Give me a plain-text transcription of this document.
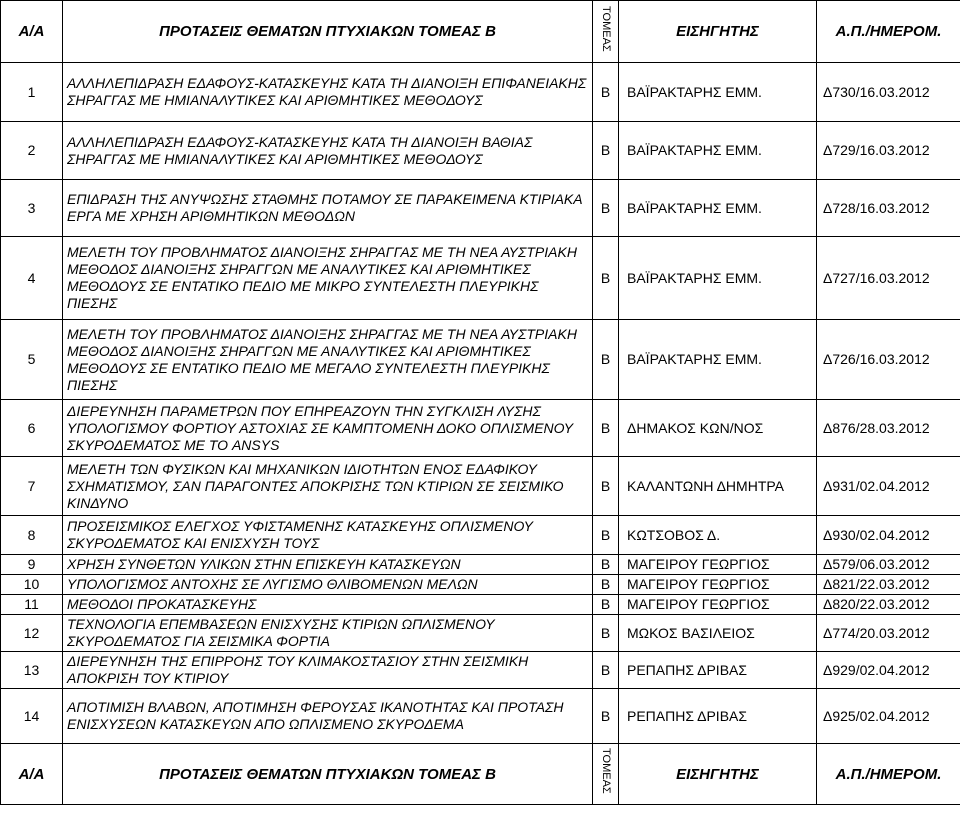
Α/Α	ΠΡΟΤΑΣΕΙΣ ΘΕΜΑΤΩΝ ΠΤΥΧΙΑΚΩΝ ΤΟΜΕΑΣ Β	ΤΟΜΕΑΣ	ΕΙΣΗΓΗΤΗΣ	Α.Π./ΗΜΕΡΟΜ.
1	ΑΛΛΗΛΕΠΙΔΡΑΣΗ ΕΔΑΦΟΥΣ-ΚΑΤΑΣΚΕΥΗΣ ΚΑΤΑ ΤΗ ΔΙΑΝΟΙΞΗ ΕΠΙΦΑΝΕΙΑΚΗΣ ΣΗΡΑΓΓΑΣ ΜΕ ΗΜΙΑΝΑΛΥΤΙΚΕΣ ΚΑΙ ΑΡΙΘΜΗΤΙΚΕΣ ΜΕΘΟΔΟΥΣ	Β	ΒΑΪΡΑΚΤΑΡΗΣ ΕΜΜ.	Δ730/16.03.2012
2	ΑΛΛΗΛΕΠΙΔΡΑΣΗ ΕΔΑΦΟΥΣ-ΚΑΤΑΣΚΕΥΗΣ ΚΑΤΑ ΤΗ ΔΙΑΝΟΙΞΗ ΒΑΘΙΑΣ ΣΗΡΑΓΓΑΣ ΜΕ ΗΜΙΑΝΑΛΥΤΙΚΕΣ ΚΑΙ ΑΡΙΘΜΗΤΙΚΕΣ ΜΕΘΟΔΟΥΣ	Β	ΒΑΪΡΑΚΤΑΡΗΣ ΕΜΜ.	Δ729/16.03.2012
3	ΕΠΙΔΡΑΣΗ ΤΗΣ ΑΝΥΨΩΣΗΣ ΣΤΑΘΜΗΣ ΠΟΤΑΜΟΥ ΣΕ ΠΑΡΑΚΕΙΜΕΝΑ ΚΤΙΡΙΑΚΑ ΕΡΓΑ ΜΕ ΧΡΗΣΗ ΑΡΙΘΜΗΤΙΚΩΝ ΜΕΘΟΔΩΝ	Β	ΒΑΪΡΑΚΤΑΡΗΣ ΕΜΜ.	Δ728/16.03.2012
4	ΜΕΛΕΤΗ ΤΟΥ ΠΡΟΒΛΗΜΑΤΟΣ ΔΙΑΝΟΙΞΗΣ ΣΗΡΑΓΓΑΣ ΜΕ ΤΗ ΝΕΑ ΑΥΣΤΡΙΑΚΗ ΜΕΘΟΔΟΣ ΔΙΑΝΟΙΞΗΣ ΣΗΡΑΓΓΩΝ ΜΕ ΑΝΑΛΥΤΙΚΕΣ ΚΑΙ ΑΡΙΘΜΗΤΙΚΕΣ ΜΕΘΟΔΟΥΣ ΣΕ ΕΝΤΑΤΙΚΟ ΠΕΔΙΟ ΜΕ ΜΙΚΡΟ ΣΥΝΤΕΛΕΣΤΗ ΠΛΕΥΡΙΚΗΣ ΠΙΕΣΗΣ	Β	ΒΑΪΡΑΚΤΑΡΗΣ ΕΜΜ.	Δ727/16.03.2012
5	ΜΕΛΕΤΗ ΤΟΥ ΠΡΟΒΛΗΜΑΤΟΣ ΔΙΑΝΟΙΞΗΣ ΣΗΡΑΓΓΑΣ ΜΕ ΤΗ ΝΕΑ ΑΥΣΤΡΙΑΚΗ ΜΕΘΟΔΟΣ ΔΙΑΝΟΙΞΗΣ ΣΗΡΑΓΓΩΝ ΜΕ ΑΝΑΛΥΤΙΚΕΣ ΚΑΙ ΑΡΙΘΜΗΤΙΚΕΣ ΜΕΘΟΔΟΥΣ ΣΕ ΕΝΤΑΤΙΚΟ ΠΕΔΙΟ ΜΕ ΜΕΓΑΛΟ ΣΥΝΤΕΛΕΣΤΗ ΠΛΕΥΡΙΚΗΣ ΠΙΕΣΗΣ	Β	ΒΑΪΡΑΚΤΑΡΗΣ ΕΜΜ.	Δ726/16.03.2012
6	ΔΙΕΡΕΥΝΗΣΗ ΠΑΡΑΜΕΤΡΩΝ ΠΟΥ ΕΠΗΡΕΑΖΟΥΝ ΤΗΝ ΣΥΓΚΛΙΣΗ ΛΥΣΗΣ ΥΠΟΛΟΓΙΣΜΟΥ ΦΟΡΤΙΟΥ ΑΣΤΟΧΙΑΣ ΣΕ ΚΑΜΠΤΟΜΕΝΗ ΔΟΚΟ ΟΠΛΙΣΜΕΝΟΥ ΣΚΥΡΟΔΕΜΑΤΟΣ ΜΕ ΤΟ ANSYS	Β	ΔΗΜΑΚΟΣ ΚΩΝ/ΝΟΣ	Δ876/28.03.2012
7	ΜΕΛΕΤΗ ΤΩΝ ΦΥΣΙΚΩΝ ΚΑΙ ΜΗΧΑΝΙΚΩΝ ΙΔΙΟΤΗΤΩΝ ΕΝΟΣ ΕΔΑΦΙΚΟΥ ΣΧΗΜΑΤΙΣΜΟΥ, ΣΑΝ ΠΑΡΑΓΟΝΤΕΣ ΑΠΟΚΡΙΣΗΣ ΤΩΝ ΚΤΙΡΙΩΝ ΣΕ ΣΕΙΣΜΙΚΟ ΚΙΝΔΥΝΟ	Β	ΚΑΛΑΝΤΩΝΗ ΔΗΜΗΤΡΑ	Δ931/02.04.2012
8	ΠΡΟΣΕΙΣΜΙΚΟΣ ΕΛΕΓΧΟΣ ΥΦΙΣΤΑΜΕΝΗΣ ΚΑΤΑΣΚΕΥΗΣ ΟΠΛΙΣΜΕΝΟΥ ΣΚΥΡΟΔΕΜΑΤΟΣ ΚΑΙ ΕΝΙΣΧΥΣΗ ΤΟΥΣ	Β	ΚΩΤΣΟΒΟΣ Δ.	Δ930/02.04.2012
9	ΧΡΗΣΗ ΣΥΝΘΕΤΩΝ ΥΛΙΚΩΝ ΣΤΗΝ ΕΠΙΣΚΕΥΗ ΚΑΤΑΣΚΕΥΩΝ	Β	ΜΑΓΕΙΡΟΥ ΓΕΩΡΓΙΟΣ	Δ579/06.03.2012
10	ΥΠΟΛΟΓΙΣΜΟΣ ΑΝΤΟΧΗΣ ΣΕ ΛΥΓΙΣΜΟ ΘΛΙΒΟΜΕΝΩΝ ΜΕΛΩΝ	Β	ΜΑΓΕΙΡΟΥ ΓΕΩΡΓΙΟΣ	Δ821/22.03.2012
11	ΜΕΘΟΔΟΙ ΠΡΟΚΑΤΑΣΚΕΥΗΣ	Β	ΜΑΓΕΙΡΟΥ ΓΕΩΡΓΙΟΣ	Δ820/22.03.2012
12	ΤΕΧΝΟΛΟΓΙΑ ΕΠΕΜΒΑΣΕΩΝ ΕΝΙΣΧΥΣΗΣ ΚΤΙΡΙΩΝ ΩΠΛΙΣΜΕΝΟΥ ΣΚΥΡΟΔΕΜΑΤΟΣ ΓΙΑ ΣΕΙΣΜΙΚΑ ΦΟΡΤΙΑ	Β	ΜΩΚΟΣ ΒΑΣΙΛΕΙΟΣ	Δ774/20.03.2012
13	ΔΙΕΡΕΥΝΗΣΗ ΤΗΣ ΕΠΙΡΡΟΗΣ ΤΟΥ ΚΛΙΜΑΚΟΣΤΑΣΙΟΥ ΣΤΗΝ ΣΕΙΣΜΙΚΗ ΑΠΟΚΡΙΣΗ ΤΟΥ ΚΤΙΡΙΟΥ	Β	ΡΕΠΑΠΗΣ ΔΡΙΒΑΣ	Δ929/02.04.2012
14	ΑΠΟΤΙΜΙΣΗ ΒΛΑΒΩΝ, ΑΠΟΤΙΜΗΣΗ ΦΕΡΟΥΣΑΣ ΙΚΑΝΟΤΗΤΑΣ ΚΑΙ ΠΡΟΤΑΣΗ ΕΝΙΣΧΥΣΕΩΝ ΚΑΤΑΣΚΕΥΩΝ ΑΠΟ ΩΠΛΙΣΜΕΝΟ ΣΚΥΡΟΔΕΜΑ	Β	ΡΕΠΑΠΗΣ ΔΡΙΒΑΣ	Δ925/02.04.2012
Α/Α	ΠΡΟΤΑΣΕΙΣ ΘΕΜΑΤΩΝ ΠΤΥΧΙΑΚΩΝ ΤΟΜΕΑΣ Β	ΤΟΜΕΑΣ	ΕΙΣΗΓΗΤΗΣ	Α.Π./ΗΜΕΡΟΜ.
